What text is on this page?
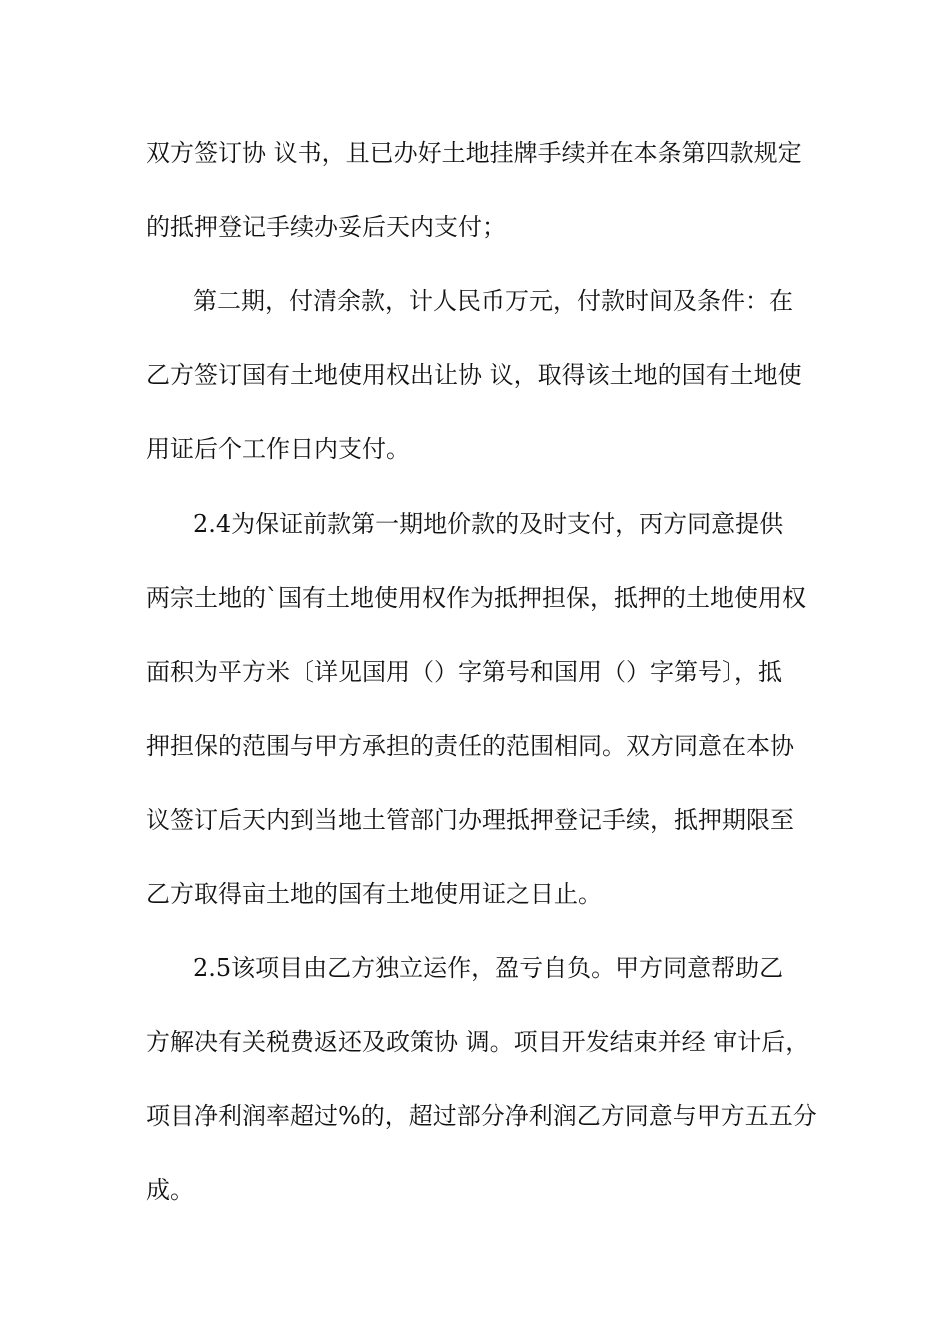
双方签订协 议书，且已办好土地挂牌手续并在本条第四款规定
的抵押登记手续办妥后天内支付；
第二期，付清余款，计人民币万元，付款时间及条件：在
乙方签订国有土地使用权出让协 议，取得该土地的国有土地使
用证后个工作日内支付。
2.4为保证前款第一期地价款的及时支付，丙方同意提供
两宗土地的`国有土地使用权作为抵押担保，抵押的土地使用权
面积为平方米〔详见国用（）字第号和国用（）字第号〕，抵
押担保的范围与甲方承担的责任的范围相同。双方同意在本协
议签订后天内到当地土管部门办理抵押登记手续，抵押期限至
乙方取得亩土地的国有土地使用证之日止。
2.5该项目由乙方独立运作，盈亏自负。甲方同意帮助乙
方解决有关税费返还及政策协 调。项目开发结束并经 审计后，
项目净利润率超过%的，超过部分净利润乙方同意与甲方五五分
成。
